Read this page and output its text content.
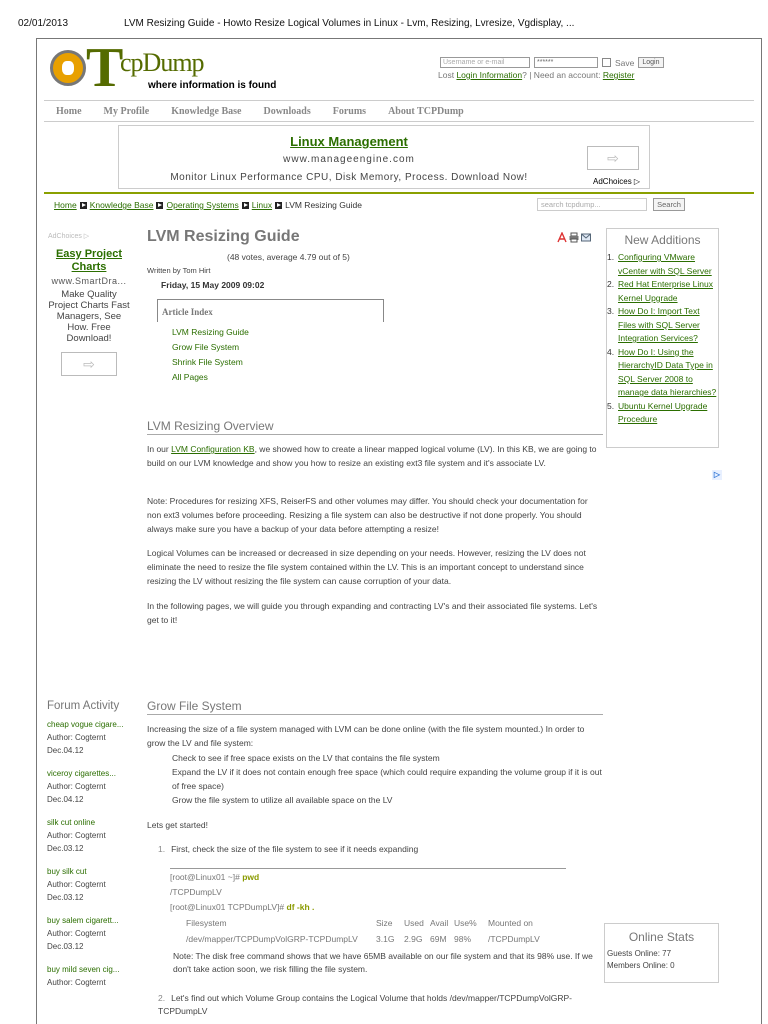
02/01/2013	LVM Resizing Guide - Howto Resize Logical Volumes in Linux - Lvm, Resizing, Lvresize, Vgdisplay, ...
T
cpDump
where information is found
Username or e-mail	******	Save	Login
Lost Login Information? | Need an account: Register
Home My Profile Knowledge Base Downloads Forums About TCPDump
Linux Management
www.manageengine.com
Monitor Linux Performance CPU, Disk Memory, Process. Download Now!
⇨
AdChoices ▷
Home Knowledge Base Operating Systems Linux LVM Resizing Guide	search tcpdump...	Search
AdChoices ▷
Easy Project Charts
www.SmartDra...
Make Quality Project Charts Fast Managers, See How. Free Download!
⇨
LVM Resizing Guide
(48 votes, average 4.79 out of 5)
Written by Tom Hirt
Friday, 15 May 2009 09:02
Article Index
LVM Resizing Guide
Grow File System
Shrink File System
All Pages
LVM Resizing Overview
In our LVM Configuration KB, we showed how to create a linear mapped logical volume (LV). In this KB, we are going to build on our LVM knowledge and show you how to resize an existing ext3 file system and it's associate LV.
Note: Procedures for resizing XFS, ReiserFS and other volumes may differ. You should check your documentation for non ext3 volumes before proceeding. Resizing a file system can also be destructive if not done properly. You should always make sure you have a backup of your data before attempting a resize!
Logical Volumes can be increased or decreased in size depending on your needs. However, resizing the LV does not eliminate the need to resize the file system contained within the LV. This is an important concept to understand since resizing the LV without resizing the file system can cause corruption of your data.
In the following pages, we will guide you through expanding and contracting LV's and their associated file systems. Let's get to it!
New Additions
1. Configuring VMware vCenter with SQL Server
2. Red Hat Enterprise Linux Kernel Upgrade
3. How Do I: Import Text Files with SQL Server Integration Services?
4. How Do I: Using the HierarchyID Data Type in SQL Server 2008 to manage data hierarchies?
5. Ubuntu Kernel Upgrade Procedure
▷
Grow File System
Increasing the size of a file system managed with LVM can be done online (with the file system mounted.) In order to grow the LV and file system:
Check to see if free space exists on the LV that contains the file system
Expand the LV if it does not contain enough free space (which could require expanding the volume group if it is out of free space)
Grow the file system to utilize all available space on the LV
Lets get started!
1. First, check the size of the file system to see if it needs expanding
[root@Linux01 ~]# pwd
/TCPDumpLV
[root@Linux01 TCPDumpLV]# df -kh .
Filesystem	Size Used Avail Use% Mounted on
/dev/mapper/TCPDumpVolGRP-TCPDumpLV 3.1G 2.9G 69M 98% /TCPDumpLV
Note: The disk free command shows that we have 65MB available on our file system and that its 98% use. If we don't take action soon, we risk filling the file system.
2. Let's find out which Volume Group contains the Logical Volume that holds /dev/mapper/TCPDumpVolGRP-TCPDumpLV
Forum Activity
cheap vogue cigare...
Author: Cogternt
Dec.04.12
viceroy cigarettes...
Author: Cogternt
Dec.04.12
silk cut online
Author: Cogternt
Dec.03.12
buy silk cut
Author: Cogternt
Dec.03.12
buy salem cigarett...
Author: Cogternt
Dec.03.12
buy mild seven cig...
Author: Cogternt
Online Stats
Guests Online: 77
Members Online: 0
